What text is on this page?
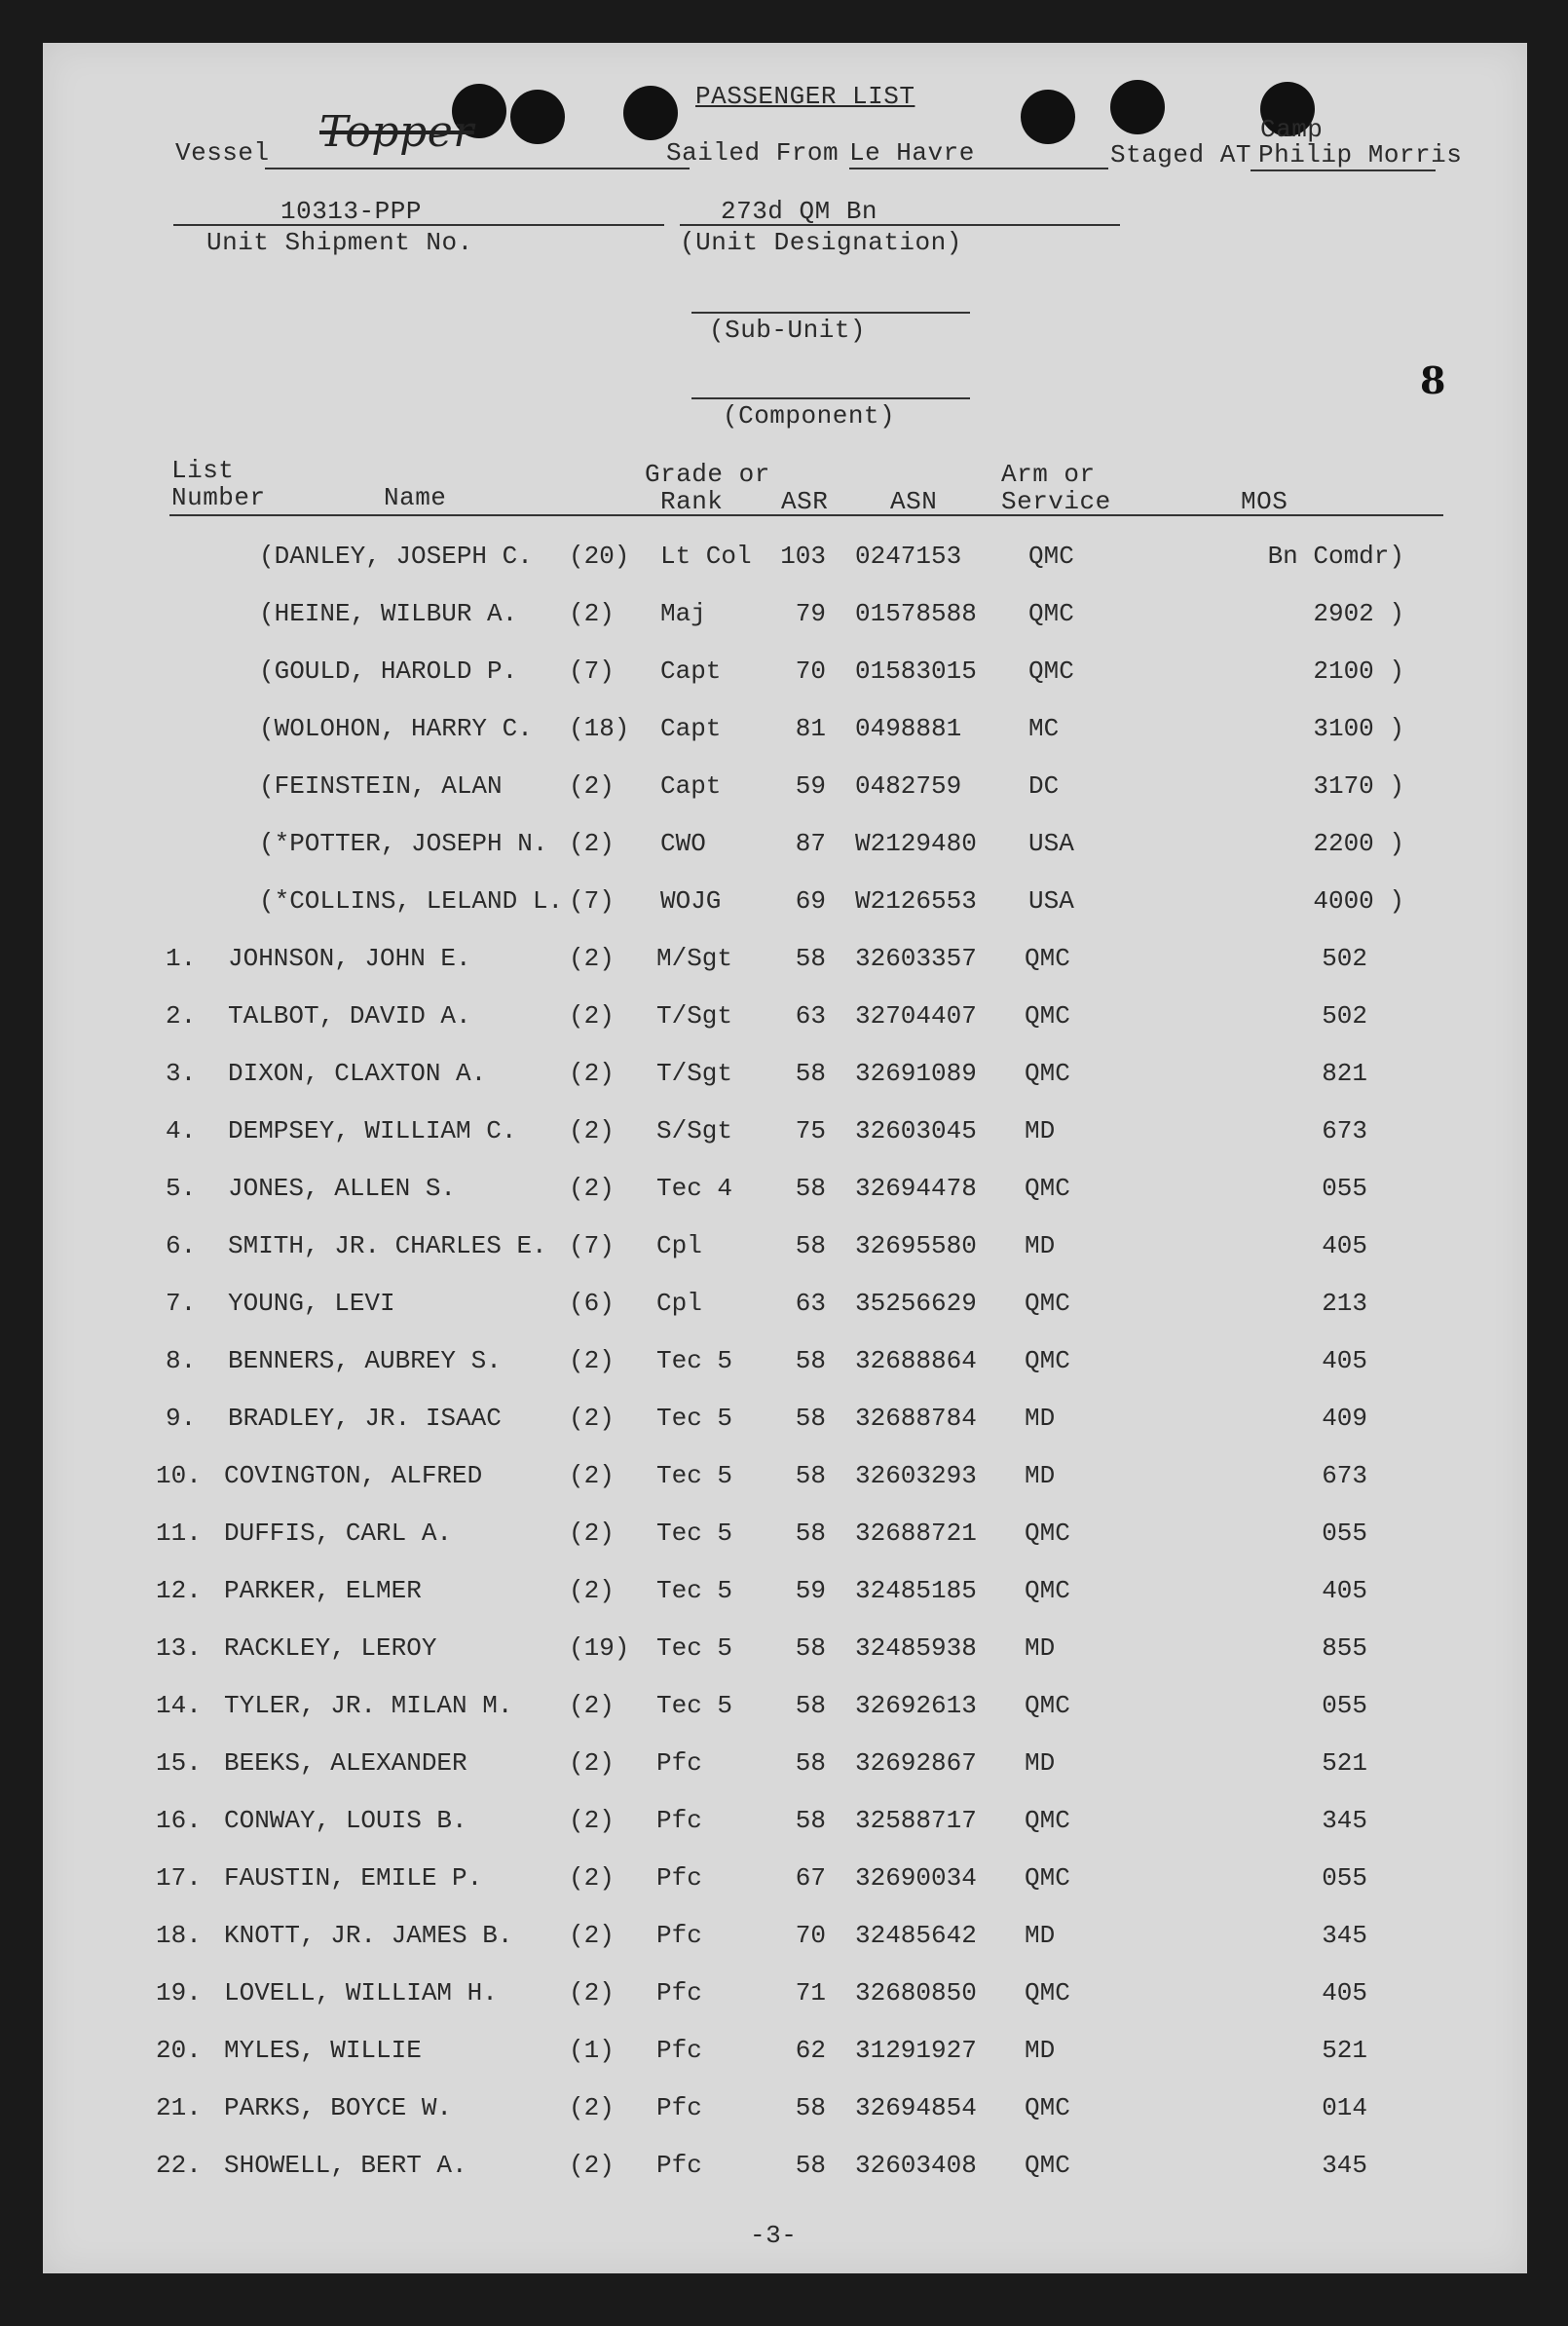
PASSENGER LIST
Vessel Topper	Sailed From Le Havre
Camp
Staged AT Philip Morris
10313-PPP
Unit Shipment No.
273d QM Bn
(Unit Designation)
(Sub-Unit)
(Component)
8
List
Number	Name
Grade or
Rank ASR ASN
Arm or
Service	MOS
(DANLEY, JOSEPH C. (20) Lt Col	103 0247153	QMC	Bn Comdr)
(HEINE, WILBUR A. (2) Maj	79 01578588 QMC	2902 )
(GOULD, HAROLD P. (7) Capt	70 01583015 QMC	2100 )
(WOLOHON, HARRY C. (18) Capt	81 0498881	MC	3100 )
(FEINSTEIN, ALAN	(2) Capt	59 0482759	DC	3170 )
(*POTTER, JOSEPH N. (2) CWO	87 W2129480 USA	2200 )
(*COLLINS, LELAND L. (7) WOJG	69 W2126553 USA	4000 )
1. JOHNSON, JOHN E.	(2) M/Sgt	58 32603357 QMC	502
2. TALBOT, DAVID A.	(2) T/Sgt	63 32704407 QMC	502
3. DIXON, CLAXTON A.	(2) T/Sgt	58 32691089 QMC	821
4. DEMPSEY, WILLIAM C. (2) S/Sgt	75 32603045 MD	673
5. JONES, ALLEN S.	(2) Tec 4	58 32694478 QMC	055
6. SMITH, JR. CHARLES E. (7) Cpl	58 32695580 MD	405
7. YOUNG, LEVI	(6) Cpl	63 35256629 QMC	213
8. BENNERS, AUBREY S.	(2) Tec 5	58 32688864 QMC	405
9. BRADLEY, JR. ISAAC	(2) Tec 5	58 32688784 MD	409
10. COVINGTON, ALFRED	(2) Tec 5	58 32603293 MD	673
11. DUFFIS, CARL A.	(2) Tec 5	58 32688721 QMC	055
12. PARKER, ELMER	(2) Tec 5	59 32485185 QMC	405
13. RACKLEY, LEROY	(19) Tec 5	58 32485938 MD	855
14. TYLER, JR. MILAN M. (2) Tec 5	58 32692613 QMC	055
15. BEEKS, ALEXANDER	(2) Pfc	58 32692867 MD	521
16. CONWAY, LOUIS B.	(2) Pfc	58 32588717 QMC	345
17. FAUSTIN, EMILE P.	(2) Pfc	67 32690034 QMC	055
18. KNOTT, JR. JAMES B. (2) Pfc	70 32485642 MD	345
19. LOVELL, WILLIAM H.	(2) Pfc	71 32680850 QMC	405
20. MYLES, WILLIE	(1) Pfc	62 31291927 MD	521
21. PARKS, BOYCE W.	(2) Pfc	58 32694854 QMC	014
22. SHOWELL, BERT A.	(2) Pfc	58 32603408 QMC	345
-3-
